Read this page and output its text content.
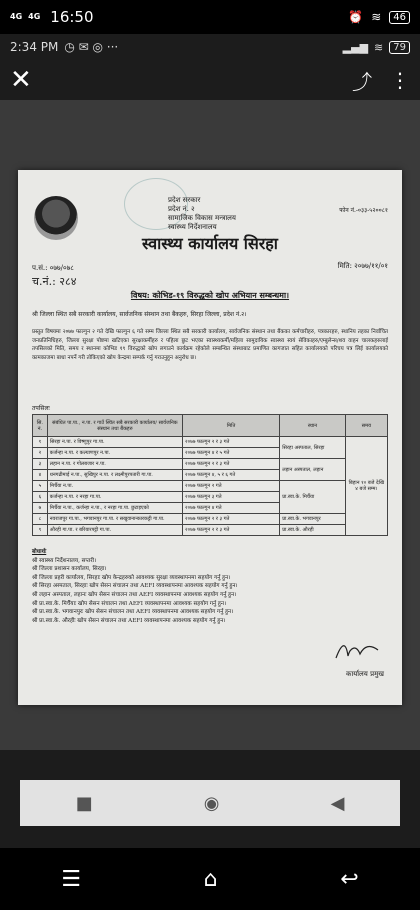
4G 4G 16:50	⏰ ≋	46
2:34 PM ◷ ✉ ◎ ···	▂▄▆ ≋	79
✕	⤴ ⋮
प्रदेश सरकार
प्रदेश नं. २
सामाजिक विकास मन्त्रालय
स्वास्थ्य निर्देशनालय
फोन नं.-०३३-५२००८१
स्वास्थ्य कार्यालय सिरहा
प.सं.: ०७७/०७८
च.नं.: २८४
मिति: २०७७/११/०१
विषय: कोभिड-१९ विरुद्धको खोप अभियान सम्बन्धमा।
श्री जिल्ला स्थित सबै सरकारी कार्यालय, सार्वजनिक संस्थान तथा बैंकहरु, सिरहा जिल्ला, प्रदेश नं.२।
प्रस्तुत विषयमा २०७७ फाल्गुन २ गते देखि फाल्गुन ६ गते सम्म जिल्ला स्थित सबै सरकारी कार्यालय, सार्वजनिक संस्थान तथा बैंकका कर्मचारीहरु, पत्रकारहरु, स्थानिय तहका निर्वाचित जनप्रतिनिधिहरु, जिल्ला सुरक्षा पोष्टमा खटिएका सुरक्षाकर्मीहरु र पहिला छुट भएका स्वास्थ्यकर्मी/महिला सामुदायिक स्वास्थ्य स्वयं सेविकाहरु/एम्बुलेन्स/शव वाहन चालकहरुलाई तपसिलको मिति, समय र स्थानमा कोभिड १९ विरुद्धको खोप लगाउने कार्यक्रम रहेकोले सम्बन्धित संस्थाबाट प्रमाणित कागजात सहित कार्यालयको परिचय पत्र लिई कार्यालयको कामकाजमा बाधा नपर्ने गरी तोकिएको खोप केन्द्रमा सम्पर्क गर्नु गराउनुहुन अनुरोध छ।
तपसिलः
सि. नं.	संबंधित पा.पा., न.पा. र गाउँ स्थित सबै सरकारी कार्यालय/ सार्वजनिक संस्थान तथा बैंकहरु	मिति	स्थान	समय
१	सिरहा न.पा. र विष्णुपुर गा.पा.	२०७७ फाल्गुन २ र ३ गते	सिरहा अस्पताल, सिरहा	बिहान १० बजे देखि ४ बजे सम्म।
२	कर्जन्हा न.पा. र कल्याणपुर न.पा.	२०७७ फाल्गुन ४ र ५ गते		
३	लहान न.पा. र गोलबजार न.पा.	२०७७ फाल्गुन २ र ३ गते	लहान अस्पताल, लहान	
४	धनगढीमाई न.पा., सुखिपुर न.पा. र लक्ष्मीपुरपतारी गा.पा.	२०७७ फाल्गुन ४, ५ र ६ गते		
५	मिर्चैया न.पा.	२०७७ फाल्गुन २ गते	प्रा.स्वा.के. मिर्चैया	
६	कर्जन्हा न.पा. र नरहा गा.पा.	२०७७ फाल्गुन ३ गते		
७	मिर्चैया न.पा., कर्जन्हा न.पा., र नरहा गा.पा. छुटाइएको	२०७७ फाल्गुन ४ गते		
८	नवराजपुर गा.पा., भगवानपुर गा.पा. र सखुवानान्कारकट्टी गा.पा.	२०७७ फाल्गुन २ र ३ गते	प्रा.स्वा.के. भगवानपुर	
९	औरही गा.पा. र बरियारपट्टी गा.पा.	२०७७ फाल्गुन २ र ३ गते	प्रा.स्वा.के. औरही	
बोधार्थः
श्री स्वास्थ्य निर्देशनालय, सप्तरी।
श्री जिल्ला प्रशासन कार्यालय, सिरहा।
श्री जिल्ला प्रहरी कार्यालय, सिरहाः खोप केन्द्रहरुको आवश्यक सुरक्षा व्यवस्थापनमा सहयोग गर्नु हुन।
श्री सिरहा अस्पताल, सिरहाः खोप सेसन संचालन तथा AEFI व्यवस्थापनमा आवश्यक सहयोग गर्नु हुन।
श्री लहान अस्पताल, लहानः खोप सेसन संचालन तथा AEFI व्यवस्थापनमा आवश्यक सहयोग गर्नु हुन।
श्री प्रा.स्वा.के. मिर्चैयाः खोप सेसन संचालन तथा AEFI व्यवस्थापनमा आवश्यक सहयोग गर्नु हुन।
श्री प्रा.स्वा.के. भगवानपुरः खोप सेसन संचालन तथा AEFI व्यवस्थापनमा आवश्यक सहयोग गर्नु हुन।
श्री प्रा.स्वा.के. औरहीः खोप सेसन संचालन तथा AEFI व्यवस्थापनमा आवश्यक सहयोग गर्नु हुन।
कार्यालय प्रमुख
■	◉	◀
☰	⌂	↩
